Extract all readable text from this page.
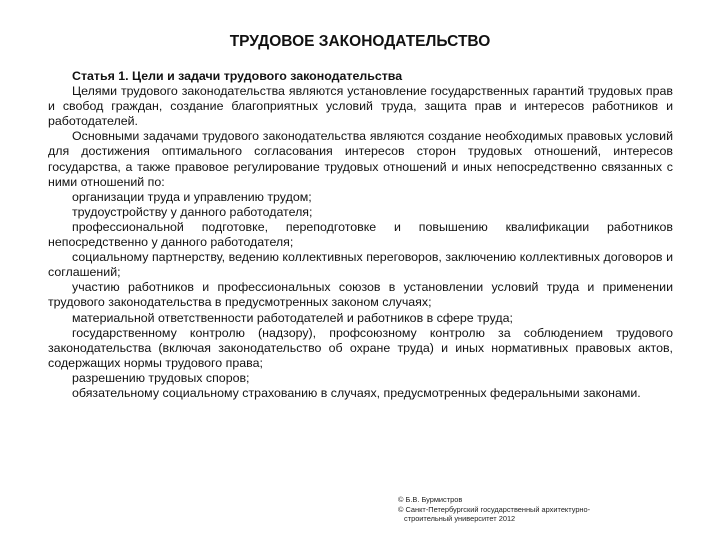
ТРУДОВОЕ ЗАКОНОДАТЕЛЬСТВО

Статья 1. Цели и задачи трудового законодательства

Целями трудового законодательства являются установление государственных гарантий трудовых прав и свобод граждан, создание благоприятных условий труда, защита прав и интересов работников и работодателей.

Основными задачами трудового законодательства являются создание необходимых правовых условий для достижения оптимального согласования интересов сторон трудовых отношений, интересов государства, а также правовое регулирование трудовых отношений и иных непосредственно связанных с ними отношений по:

организации труда и управлению трудом;

трудоустройству у данного работодателя;

профессиональной подготовке, переподготовке и повышению квалификации работников непосредственно у данного работодателя;

социальному партнерству, ведению коллективных переговоров, заключению коллективных договоров и соглашений;

участию работников и профессиональных союзов в установлении условий труда и применении трудового законодательства в предусмотренных законом случаях;

материальной ответственности работодателей и работников в сфере труда;

государственному контролю (надзору), профсоюзному контролю за соблюдением трудового законодательства (включая законодательство об охране труда) и иных нормативных правовых актов, содержащих нормы трудового права;

разрешению трудовых споров;

обязательному социальному страхованию в случаях, предусмотренных федеральными законами.

© Б.В. Бурмистров
© Санкт-Петербургский государственный архитектурно-
строительный университет 2012
